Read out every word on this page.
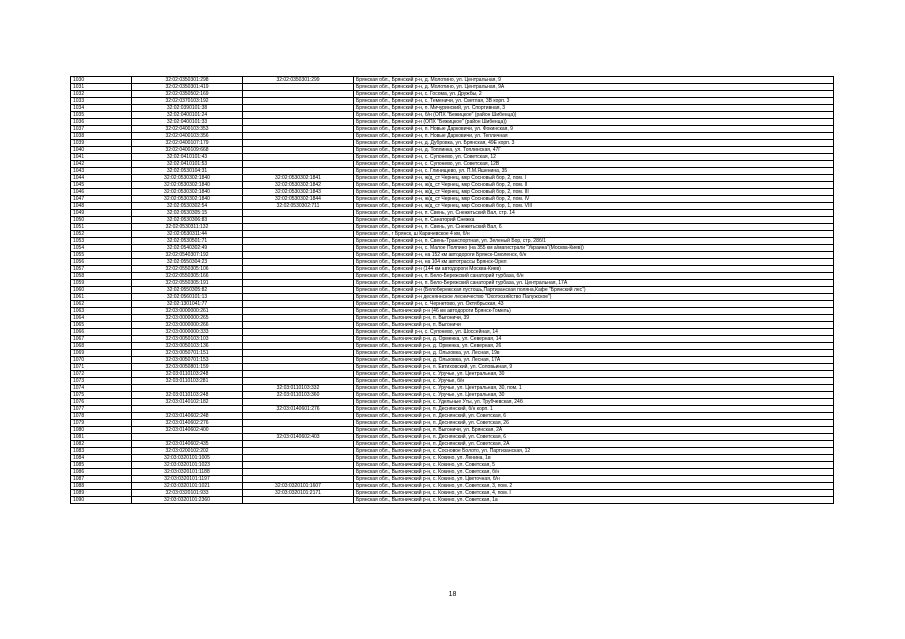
1030	32:02:0350301:298	32:02:0350301:299	Брянская обл., Брянский р-н, д. Молотино, ул. Центральная, 9
1031	32:02:0350301:419		Брянская обл., Брянский р-н, д. Молотино, ул. Центральная, 9А
1032	32:02:0350502:169		Брянская обл., Брянский р-н, с. Госома, ул. Дружбы, 2
1033	32:02:0370103:192		Брянская обл., Брянский р-н, с. Теменичи, ул. Светлая, 3В корп. 3
1034	32:02:0390101:38		Брянская обл., Брянский р-н, п. Мичуринский, ул. Спортивная, 3
1035	32:02:0400101:24		Брянская обл., Брянский р-н, б/н (ОПХ "Бежицкое" (район Шибенца))
1036	32:02:0400101:33		Брянская обл., Брянский р-н (ОПХ "Бежицкое" (район Шибенца))
1037	32:02:0400103:353		Брянская обл., Брянский р-н, п. Новые Дарковичи, ул. Фокинская, 9
1038	32:02:0400103:356		Брянская обл., Брянский р-н, п. Новые Дарковичи, ул. Тепличная
1039	32:02:0400107:179		Брянская обл., Брянский р-н, д. Дубровка, ул. Брянская, 49Е корп. 3
1040	32:02:0400109:668		Брянская обл., Брянский р-н, д. Топлинка, ул. Топлинская, 47Г
1041	32:02:0410101:43		Брянская обл., Брянский р-н, с. Супонево, ул. Советская, 12
1042	32:02:0410101:53		Брянская обл., Брянский р-н, с. Супонево, ул. Советская, 12В
1043	32:02:0530104:31		Брянская обл., Брянский р-н, с. Глинищево, ул. П.М.Яшенина, 35
1044	32:02:0530302:1840	32:02:0530302:1841	Брянская обл., Брянский р-н, ж/д_ст Чернец, мкр Сосновый бор, 2, пом. I
1045	32:02:0530302:1840	32:02:0530302:1842	Брянская обл., Брянский р-н, ж/д_ст Чернец, мкр Сосновый бор, 2, пом. II
1046	32:02:0530302:1840	32:02:0530302:1843	Брянская обл., Брянский р-н, ж/д_ст Чернец, мкр Сосновый бор, 2, пом. III
1047	32:02:0530302:1840	32:02:0530302:1844	Брянская обл., Брянский р-н, ж/д_ст Чернец, мкр Сосновый бор, 2, пом. IV
1048	32:02:0530302:54	32:02:0530302:711	Брянская обл., Брянский р-н, ж/д_ст Чернец, мкр Сосновый бор, 1, пом. VIII
1049	32:02:0530305:15		Брянская обл., Брянский р-н, п. Свень, ул. Снежетьский Вал, стр. 14
1050	32:02:0530306:83		Брянская обл., Брянский р-н, п. Санаторий Снежка
1051	32:02:0530311:132		Брянская обл., Брянский р-н, п. Свень, ул. Снежетьский Вал, 6
1052	32:02:0530311:44		Брянская обл., г Брянск, ш Карачевское 4 км, б/н
1053	32:02:0530501:71		Брянская обл., Брянский р-н, п. Свень-Транспортная, ул. Зеленый Бор, стр. 28б/1
1054	32:02:0540302:49		Брянская обл., Брянский р-н, с. Малое Полпино (на 355 км а/магистрали "Украина"(Москва-Киев))
1055	32:02:0540307:192		Брянская обл., Брянский р-н, на 152 км автодороги Брянск-Смоленск, б/н
1056	32:02:0550304:23		Брянская обл., Брянский р-н, на 104 км автотрассы Брянск-Орел
1057	32:02:0550305:106		Брянская обл., Брянский р-н (144 км автодороги Москва-Киев)
1058	32:02:0550305:166		Брянская обл., Брянский р-н, п. Бело-Бережский санаторий турбаза, б/н
1059	32:02:0550305:191		Брянская обл., Брянский р-н, п. Бело-Бережский санаторий турбаза, ул. Центральная, 17А
1060	32:02:0550305:82		Брянская обл., Брянский р-н (Белобережская пустошь,Партизанская поляна,Кафе "Брянский лес")
1061	32:02:0560101:13		Брянская обл., Брянский р-н десняннское лесничество "Охотхозяйство Палужское")
1062	32:02:1301041:77		Брянская обл., Брянский р-н, с. Чернетово, ул. Октябрьская, 43
1063	32:03:0000000:261		Брянская обл., Выгоничский р-н (46 км автодороги Брянск-Гомель)
1064	32:03:0000000:265		Брянская обл., Выгоничский р-н, п. Выгоничи, 39
1065	32:03:0000000:266		Брянская обл., Выгоничский р-н, п. Выгоничи
1066	32:03:0000000:333		Брянская обл., Брянский р-н, с. Супонево, ул. Шоссейная, 14
1067	32:03:0050103:103		Брянская обл., Выгоничский р-н, д. Орменка, ул. Северная, 14
1068	32:03:0050103:136		Брянская обл., Выгоничский р-н, д. Орменка, ул. Северная, 26
1069	32:03:0050701:151		Брянская обл., Выгоничский р-н, д. Ольховка, ул. Лесная, 19в
1070	32:03:0050701:153		Брянская обл., Выгоничский р-н, д. Ольховка, ул. Лесная, 17А
1071	32:03:0050801:159		Брянская обл., Выгоничский р-н, п. Евтиховский, ул. Соловьиная, 9
1072	32:03:0110103:248		Брянская обл., Выгоничский р-н, с. Уручье, ул. Центральная, 30
1073	32:03:0110103:281		Брянская обл., Выгоничский р-н, с. Уручье, б/н
1074		32:03:0110103:332	Брянская обл., Выгоничский р-н, с. Уручье, ул. Центральная, 30, пом. 1
1075	32:03:0110103:248	32:03:0110103:360	Брянская обл., Выгоничский р-н, с. Уручье, ул. Центральная, 30
1076	32:03:0140102:182		Брянская обл., Выгоничский р-н, с. Удельные Уты, ул. Трубчевская, 24б
1077		32:03:0140601:276	Брянская обл., Выгоничский р-н, п. Деснянский, б/н корп. 1
1078	32:03:0140602:248		Брянская обл., Выгоничский р-н, п. Деснянский, ул. Советская, 6
1079	32:03:0140602:276		Брянская обл., Выгоничский р-н, п. Деснянский, ул. Советская, 26
1080	32:03:0140602:400		Брянская обл., Выгоничский р-н, п. Выгоничи, ул. Брянская, 2А
1081		32:03:0140602:403	Брянская обл., Выгоничский р-н, п. Деснянский, ул. Советская, 6
1082	32:03:0140602:435		Брянская обл., Выгоничский р-н, п. Деснянский, ул. Советская, 2А
1083	32:03:0200102:202		Брянская обл., Выгоничский р-н, с. Сосновое Болото, ул. Партизанская, 12
1084	32:03:0320101:1005		Брянская обл., Выгоничский р-н, с. Кокино, ул. Ленина, 1в
1085	32:03:0320101:1023		Брянская обл., Выгоничский р-н, с. Кокино, ул. Советская, 5
1086	32:03:0320101:1188		Брянская обл., Выгоничский р-н, с. Кокино, ул. Советская, б/н
1087	32:03:0320101:1197		Брянская обл., Выгоничский р-н, с. Кокино, ул. Цветочная, б/н
1088	32:03:0320101:1021	32:03:0320101:1607	Брянская обл., Выгоничский р-н, с. Кокино, ул. Советская, 3, пом. 2
1089	32:03:0320101:933	32:03:0320101:2171	Брянская обл., Выгоничский р-н, с. Кокино, ул. Советская, 4, пом. I
1090	32:03:0320101:2360		Брянская обл., Выгоничский р-н, с. Кокино, ул. Советская, 1а
18
